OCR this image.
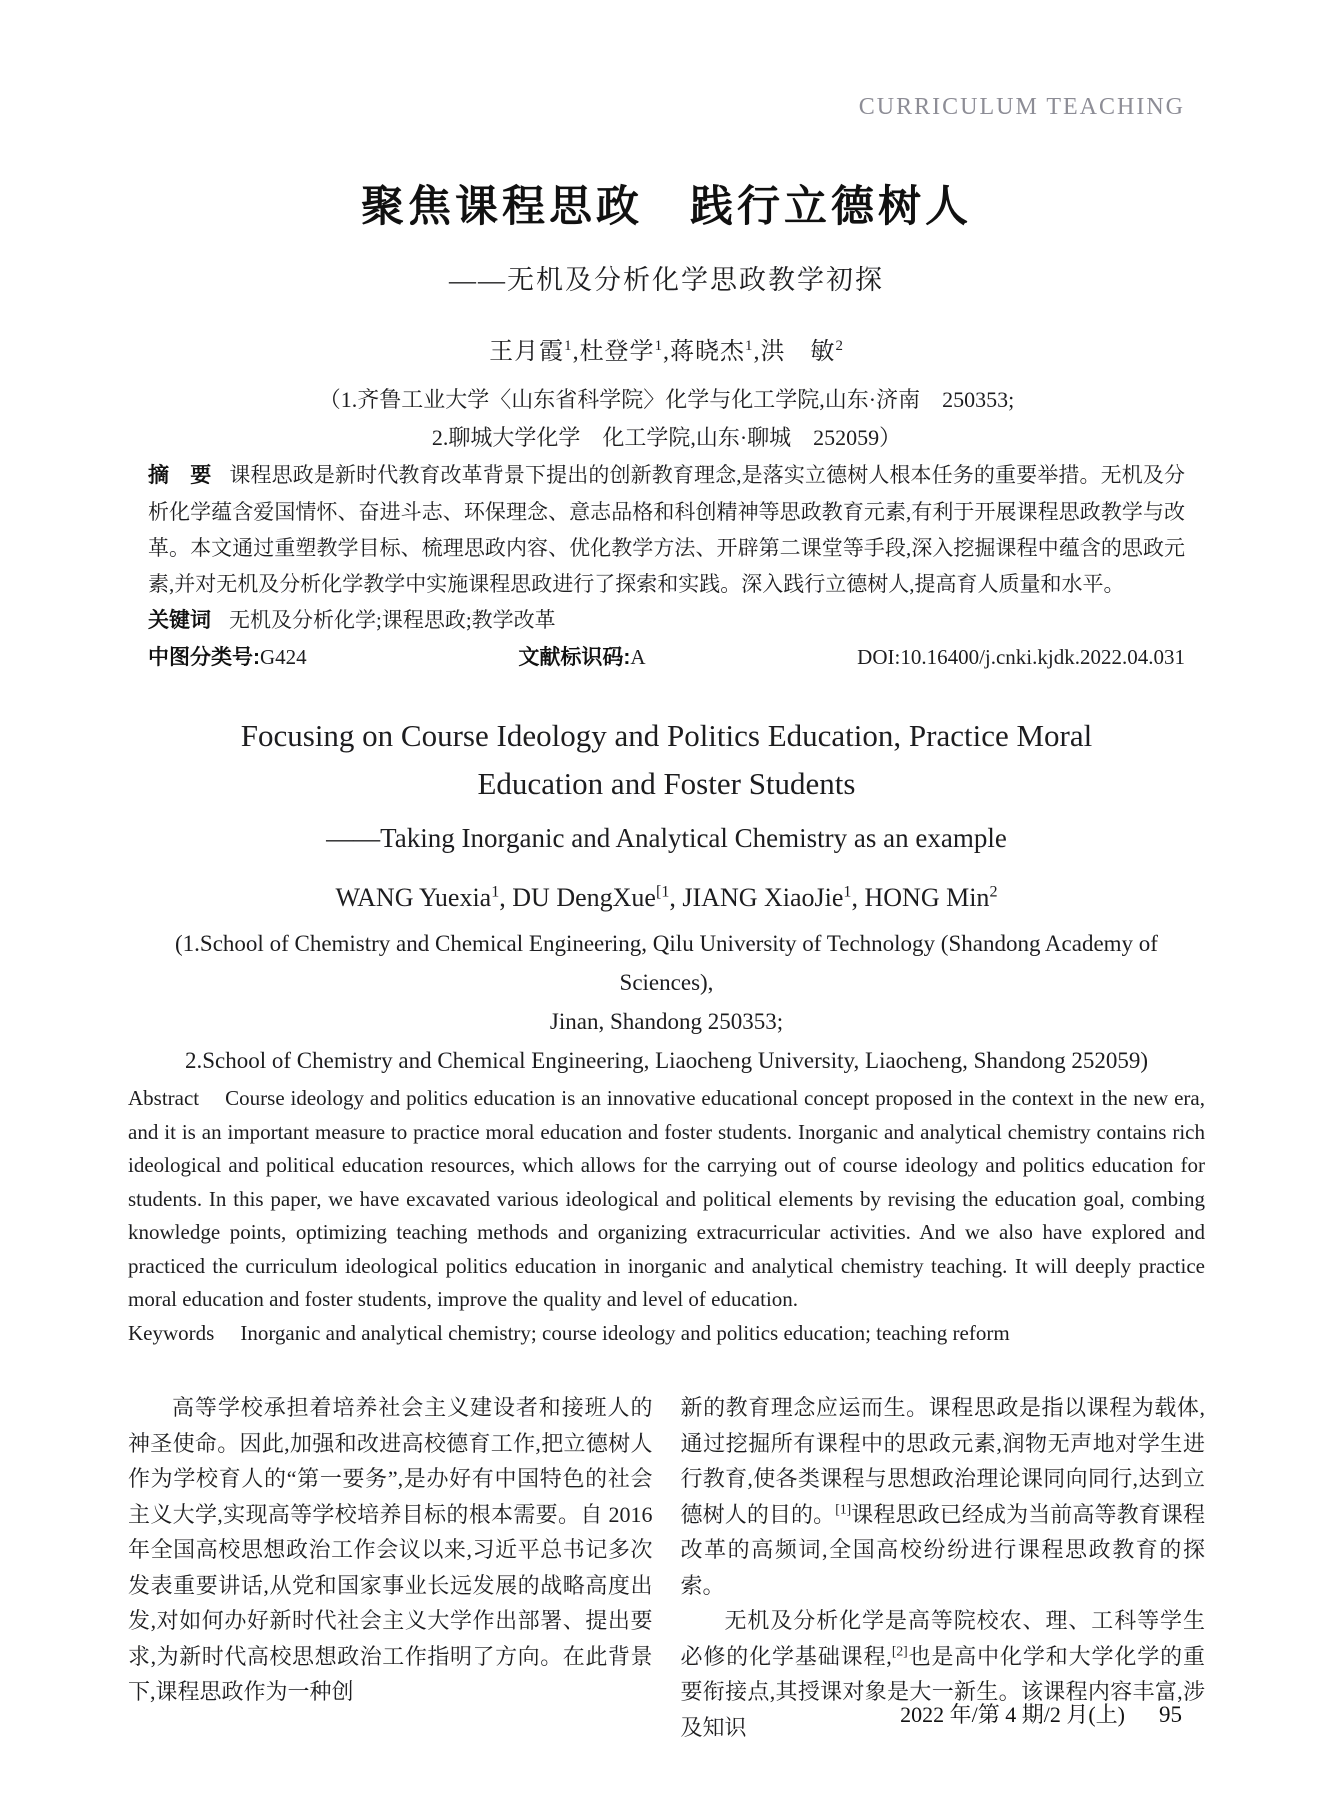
CURRICULUM TEACHING
聚焦课程思政　践行立德树人
——无机及分析化学思政教学初探
王月霞$^1$,杜登学$^1$,蒋晓杰$^1$,洪　敏$^2$
（1.齐鲁工业大学〈山东省科学院〉化学与化工学院,山东·济南　250353;
2.聊城大学化学　化工学院,山东·聊城　252059）

摘　要 课程思政是新时代教育改革背景下提出的创新教育理念,是落实立德树人根本任务的重要举措。无机及分析化学蕴含爱国情怀、奋进斗志、环保理念、意志品格和科创精神等思政教育元素,有利于开展课程思政教学与改革。本文通过重塑教学目标、梳理思政内容、优化教学方法、开辟第二课堂等手段,深入挖掘课程中蕴含的思政元素,并对无机及分析化学教学中实施课程思政进行了探索和实践。深入践行立德树人,提高育人质量和水平。

关键词 无机及分析化学;课程思政;教学改革

中图分类号:G424	文献标识码:A	DOI:10.16400/j.cnki.kjdk.2022.04.031
Focusing on Course Ideology and Politics Education, Practice Moral
Education and Foster Students
——Taking Inorganic and Analytical Chemistry as an example
WANG Yuexia$^1$, DU DengXue$^{[1}$, JIANG XiaoJie$^1$, HONG Min$^2$
(1.School of Chemistry and Chemical Engineering, Qilu University of Technology (Shandong Academy of Sciences),
Jinan, Shandong 250353;
2.School of Chemistry and Chemical Engineering, Liaocheng University, Liaocheng, Shandong 252059)

Abstract Course ideology and politics education is an innovative educational concept proposed in the context in the new era, and it is an important measure to practice moral education and foster students. Inorganic and analytical chemistry contains rich ideological and political education resources, which allows for the carrying out of course ideology and politics education for students. In this paper, we have excavated various ideological and political elements by revising the education goal, combing knowledge points, optimizing teaching methods and organizing extracurricular activities. And we also have explored and practiced the curriculum ideological politics education in inorganic and analytical chemistry teaching. It will deeply practice moral education and foster students, improve the quality and level of education.

Keywords Inorganic and analytical chemistry; course ideology and politics education; teaching reform

高等学校承担着培养社会主义建设者和接班人的神圣使命。因此,加强和改进高校德育工作,把立德树人作为学校育人的“第一要务”,是办好有中国特色的社会主义大学,实现高等学校培养目标的根本需要。自 2016 年全国高校思想政治工作会议以来,习近平总书记多次发表重要讲话,从党和国家事业长远发展的战略高度出发,对如何办好新时代社会主义大学作出部署、提出要求,为新时代高校思想政治工作指明了方向。在此背景下,课程思政作为一种创

新的教育理念应运而生。课程思政是指以课程为载体,通过挖掘所有课程中的思政元素,润物无声地对学生进行教育,使各类课程与思想政治理论课同向同行,达到立德树人的目的。[1]课程思政已经成为当前高等教育课程改革的高频词,全国高校纷纷进行课程思政教育的探索。

无机及分析化学是高等院校农、理、工科等学生必修的化学基础课程,[2]也是高中化学和大学化学的重要衔接点,其授课对象是大一新生。该课程内容丰富,涉及知识	2022 年/第 4 期/2 月(上) 95
